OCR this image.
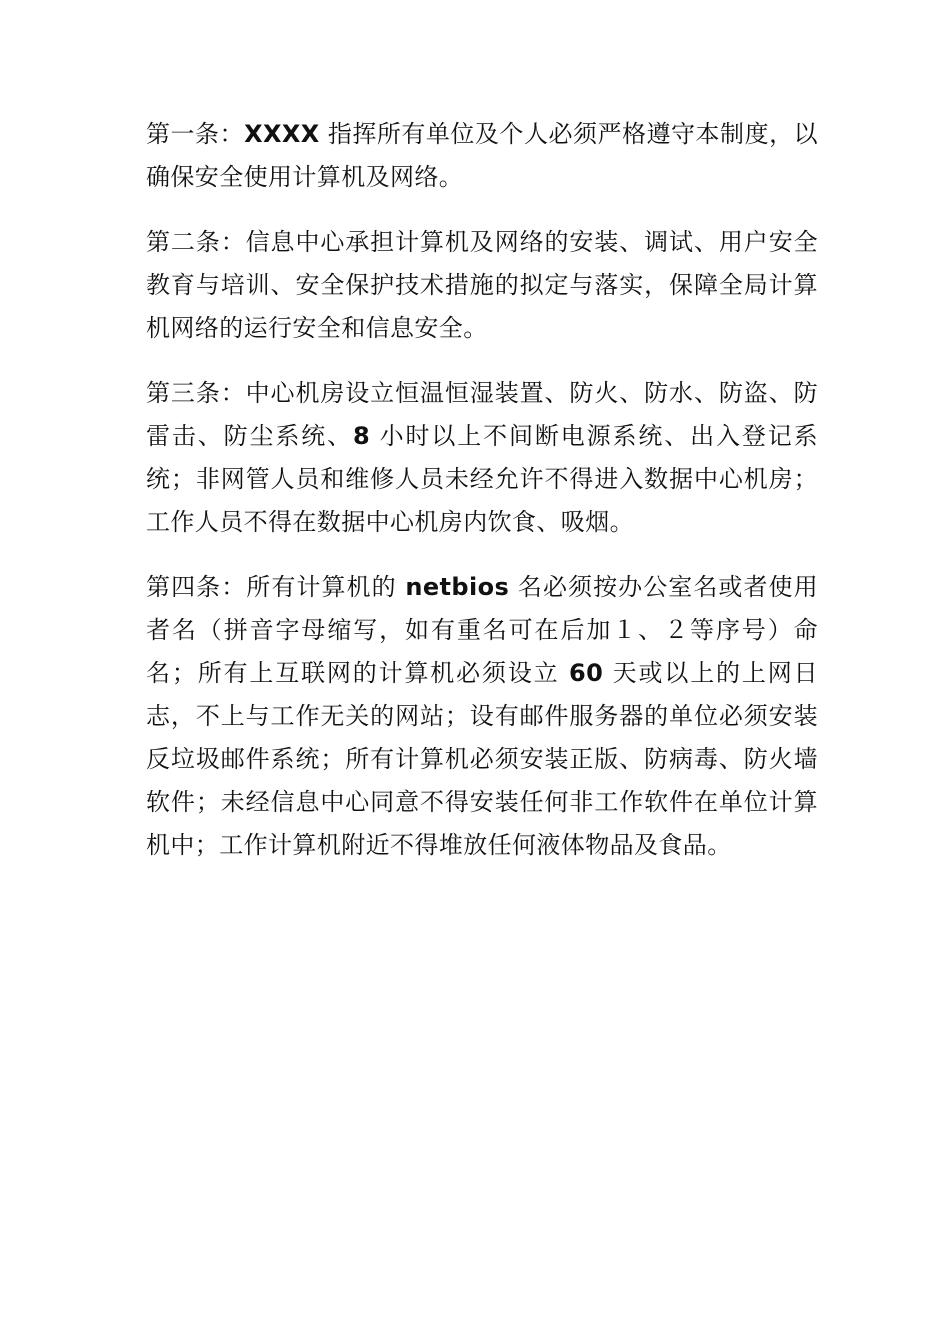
第一条：XXXX 指挥所有单位及个人必须严格遵守本制度，以确保安全使用计算机及网络。

第二条：信息中心承担计算机及网络的安装、调试、用户安全教育与培训、安全保护技术措施的拟定与落实，保障全局计算机网络的运行安全和信息安全。

第三条：中心机房设立恒温恒湿装置、防火、防水、防盗、防雷击、防尘系统、8 小时以上不间断电源系统、出入登记系统；非网管人员和维修人员未经允许不得进入数据中心机房；工作人员不得在数据中心机房内饮食、吸烟。

第四条：所有计算机的 netbios 名必须按办公室名或者使用者名（拼音字母缩写，如有重名可在后加１、２等序号）命名；所有上互联网的计算机必须设立 60 天或以上的上网日志，不上与工作无关的网站；设有邮件服务器的单位必须安装反垃圾邮件系统；所有计算机必须安装正版、防病毒、防火墙软件；未经信息中心同意不得安装任何非工作软件在单位计算机中；工作计算机附近不得堆放任何液体物品及食品。
